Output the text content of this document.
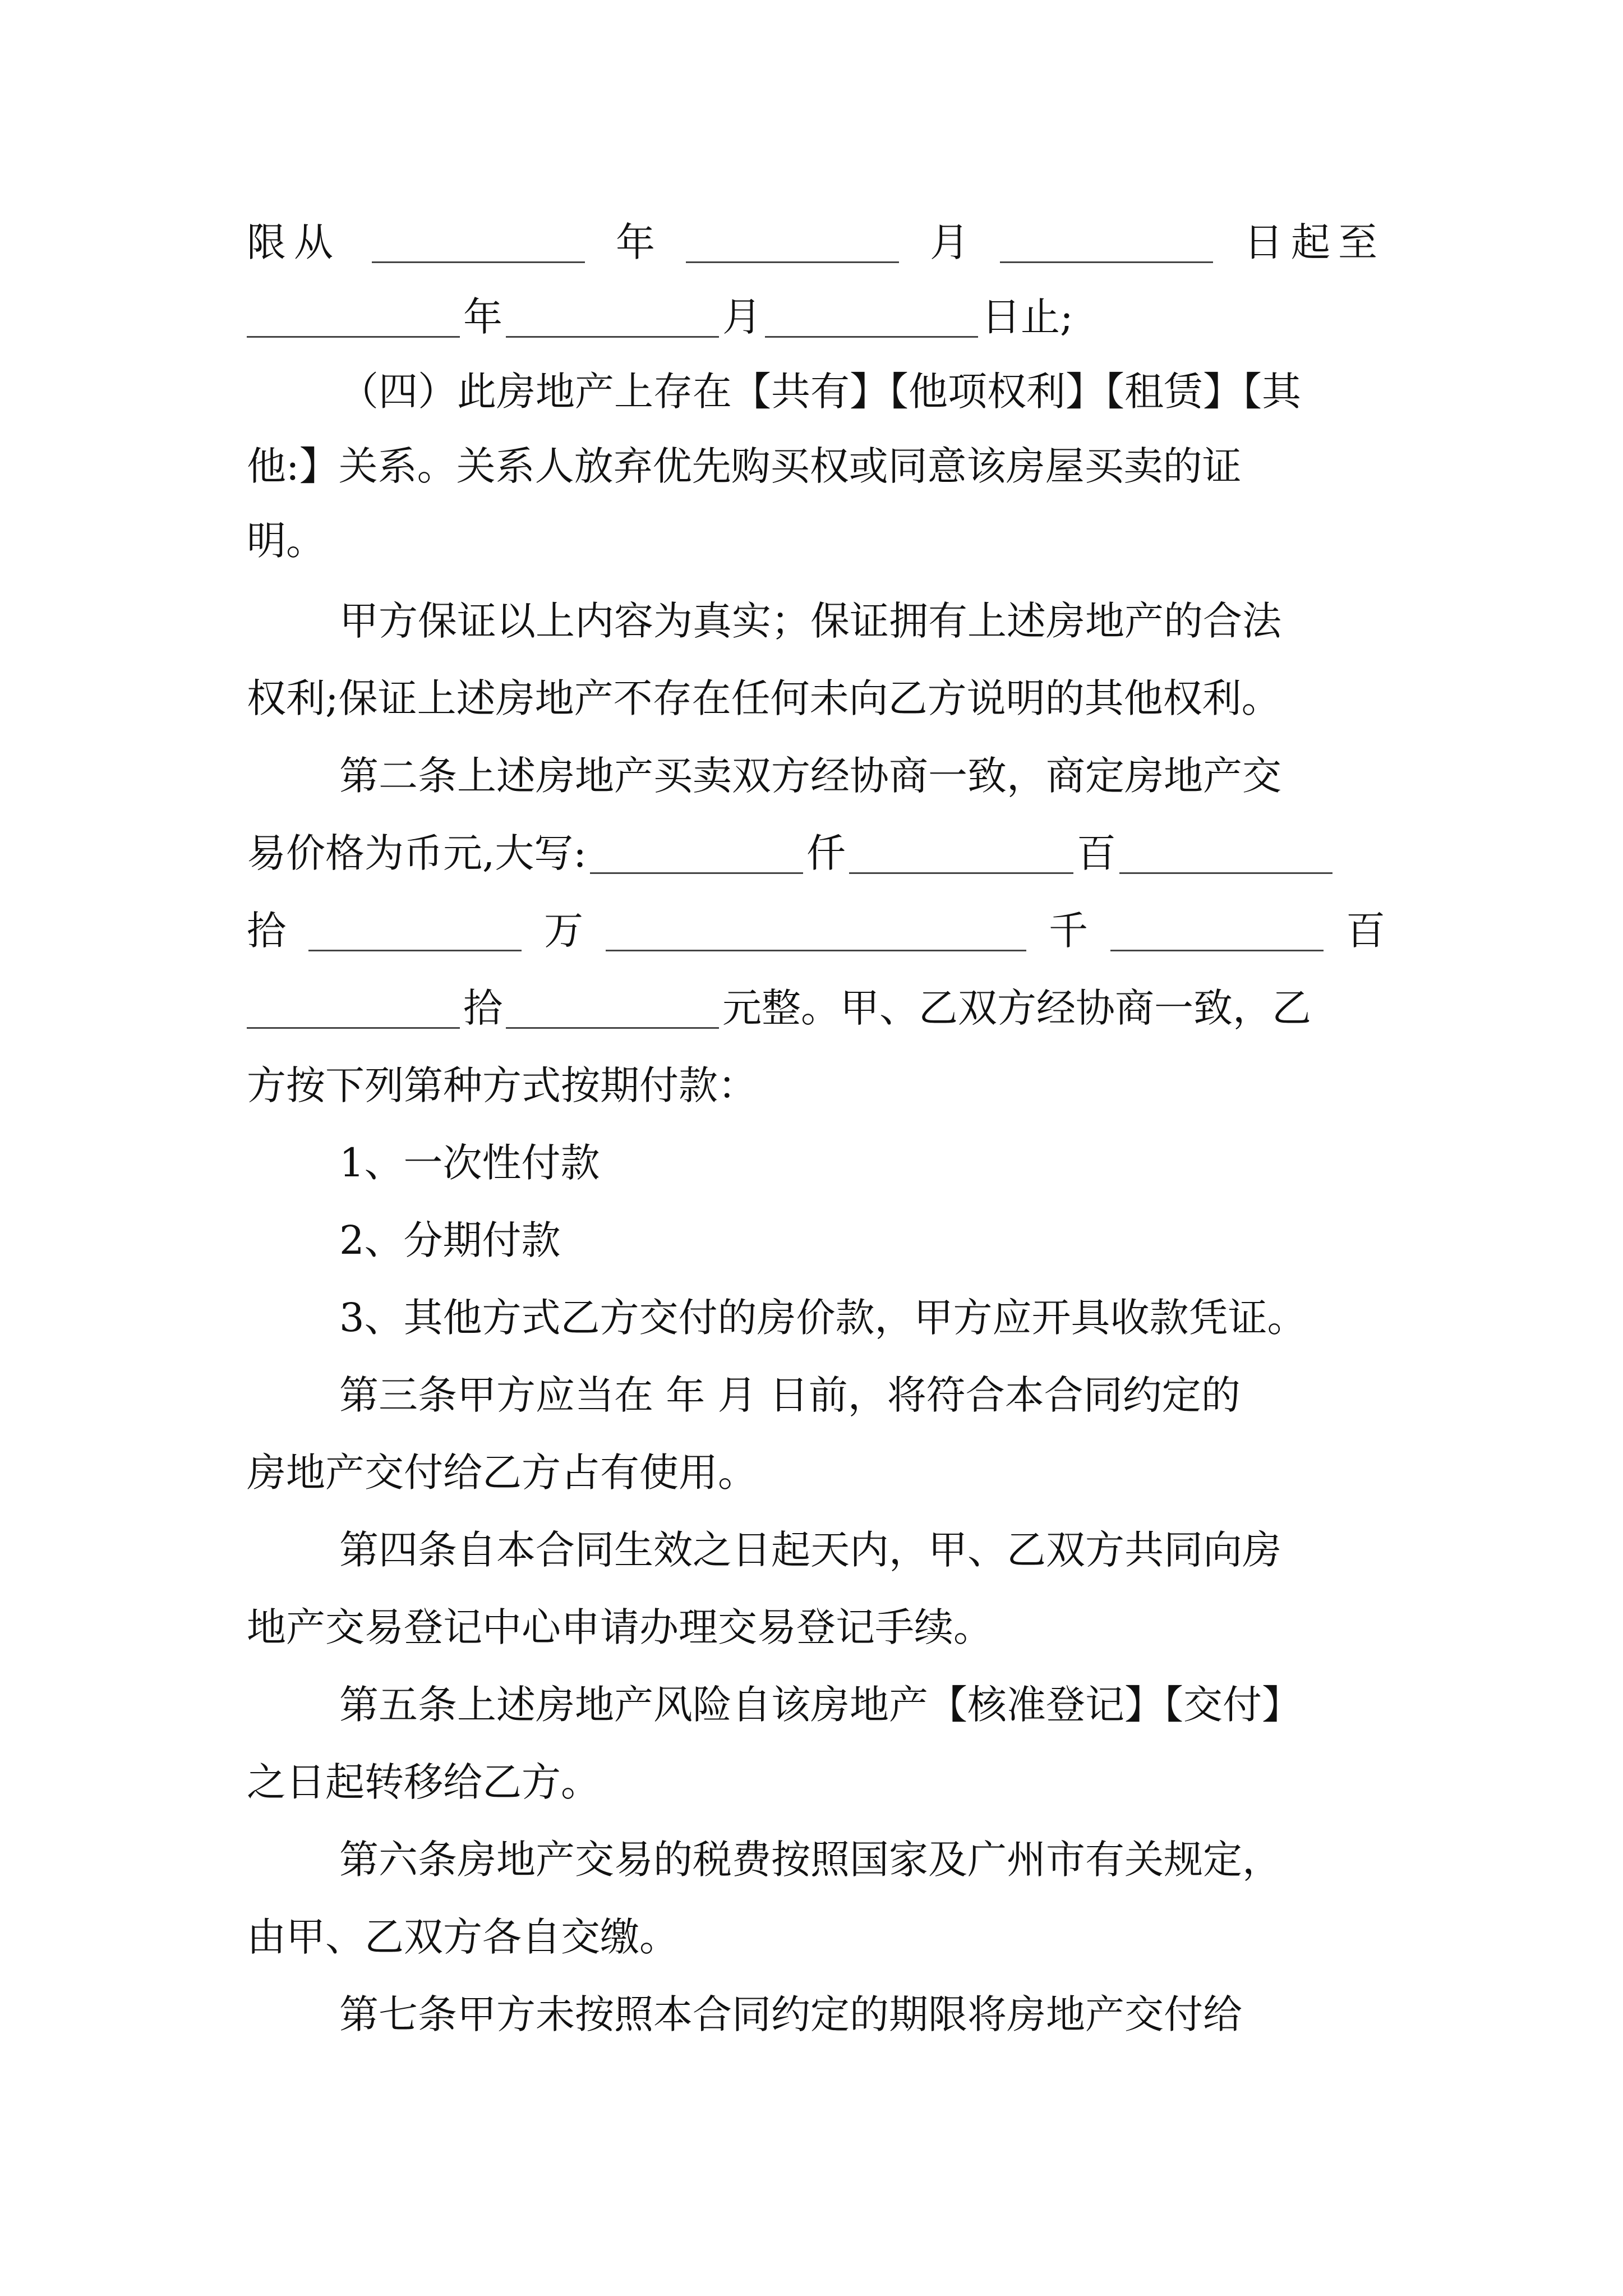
限从	年	月	日起至
年	月	日止;
（四）此房地产上存在【共有】【他项权利】【租赁】【其
他:】关系。关系人放弃优先购买权或同意该房屋买卖的证
明。
甲方保证以上内容为真实；保证拥有上述房地产的合法
权利;保证上述房地产不存在任何未向乙方说明的其他权利。
第二条上述房地产买卖双方经协商一致，商定房地产交
易价格为币元,大写:	仟	百
拾	万	千	百
拾	元整。甲、乙双方经协商一致，乙
方按下列第种方式按期付款：
1、一次性付款
2、分期付款
3、其他方式乙方交付的房价款，甲方应开具收款凭证。
第三条甲方应当在 年 月 日前，将符合本合同约定的
房地产交付给乙方占有使用。
第四条自本合同生效之日起天内，甲、乙双方共同向房
地产交易登记中心申请办理交易登记手续。
第五条上述房地产风险自该房地产【核准登记】【交付】
之日起转移给乙方。
第六条房地产交易的税费按照国家及广州市有关规定，
由甲、乙双方各自交缴。
第七条甲方未按照本合同约定的期限将房地产交付给
